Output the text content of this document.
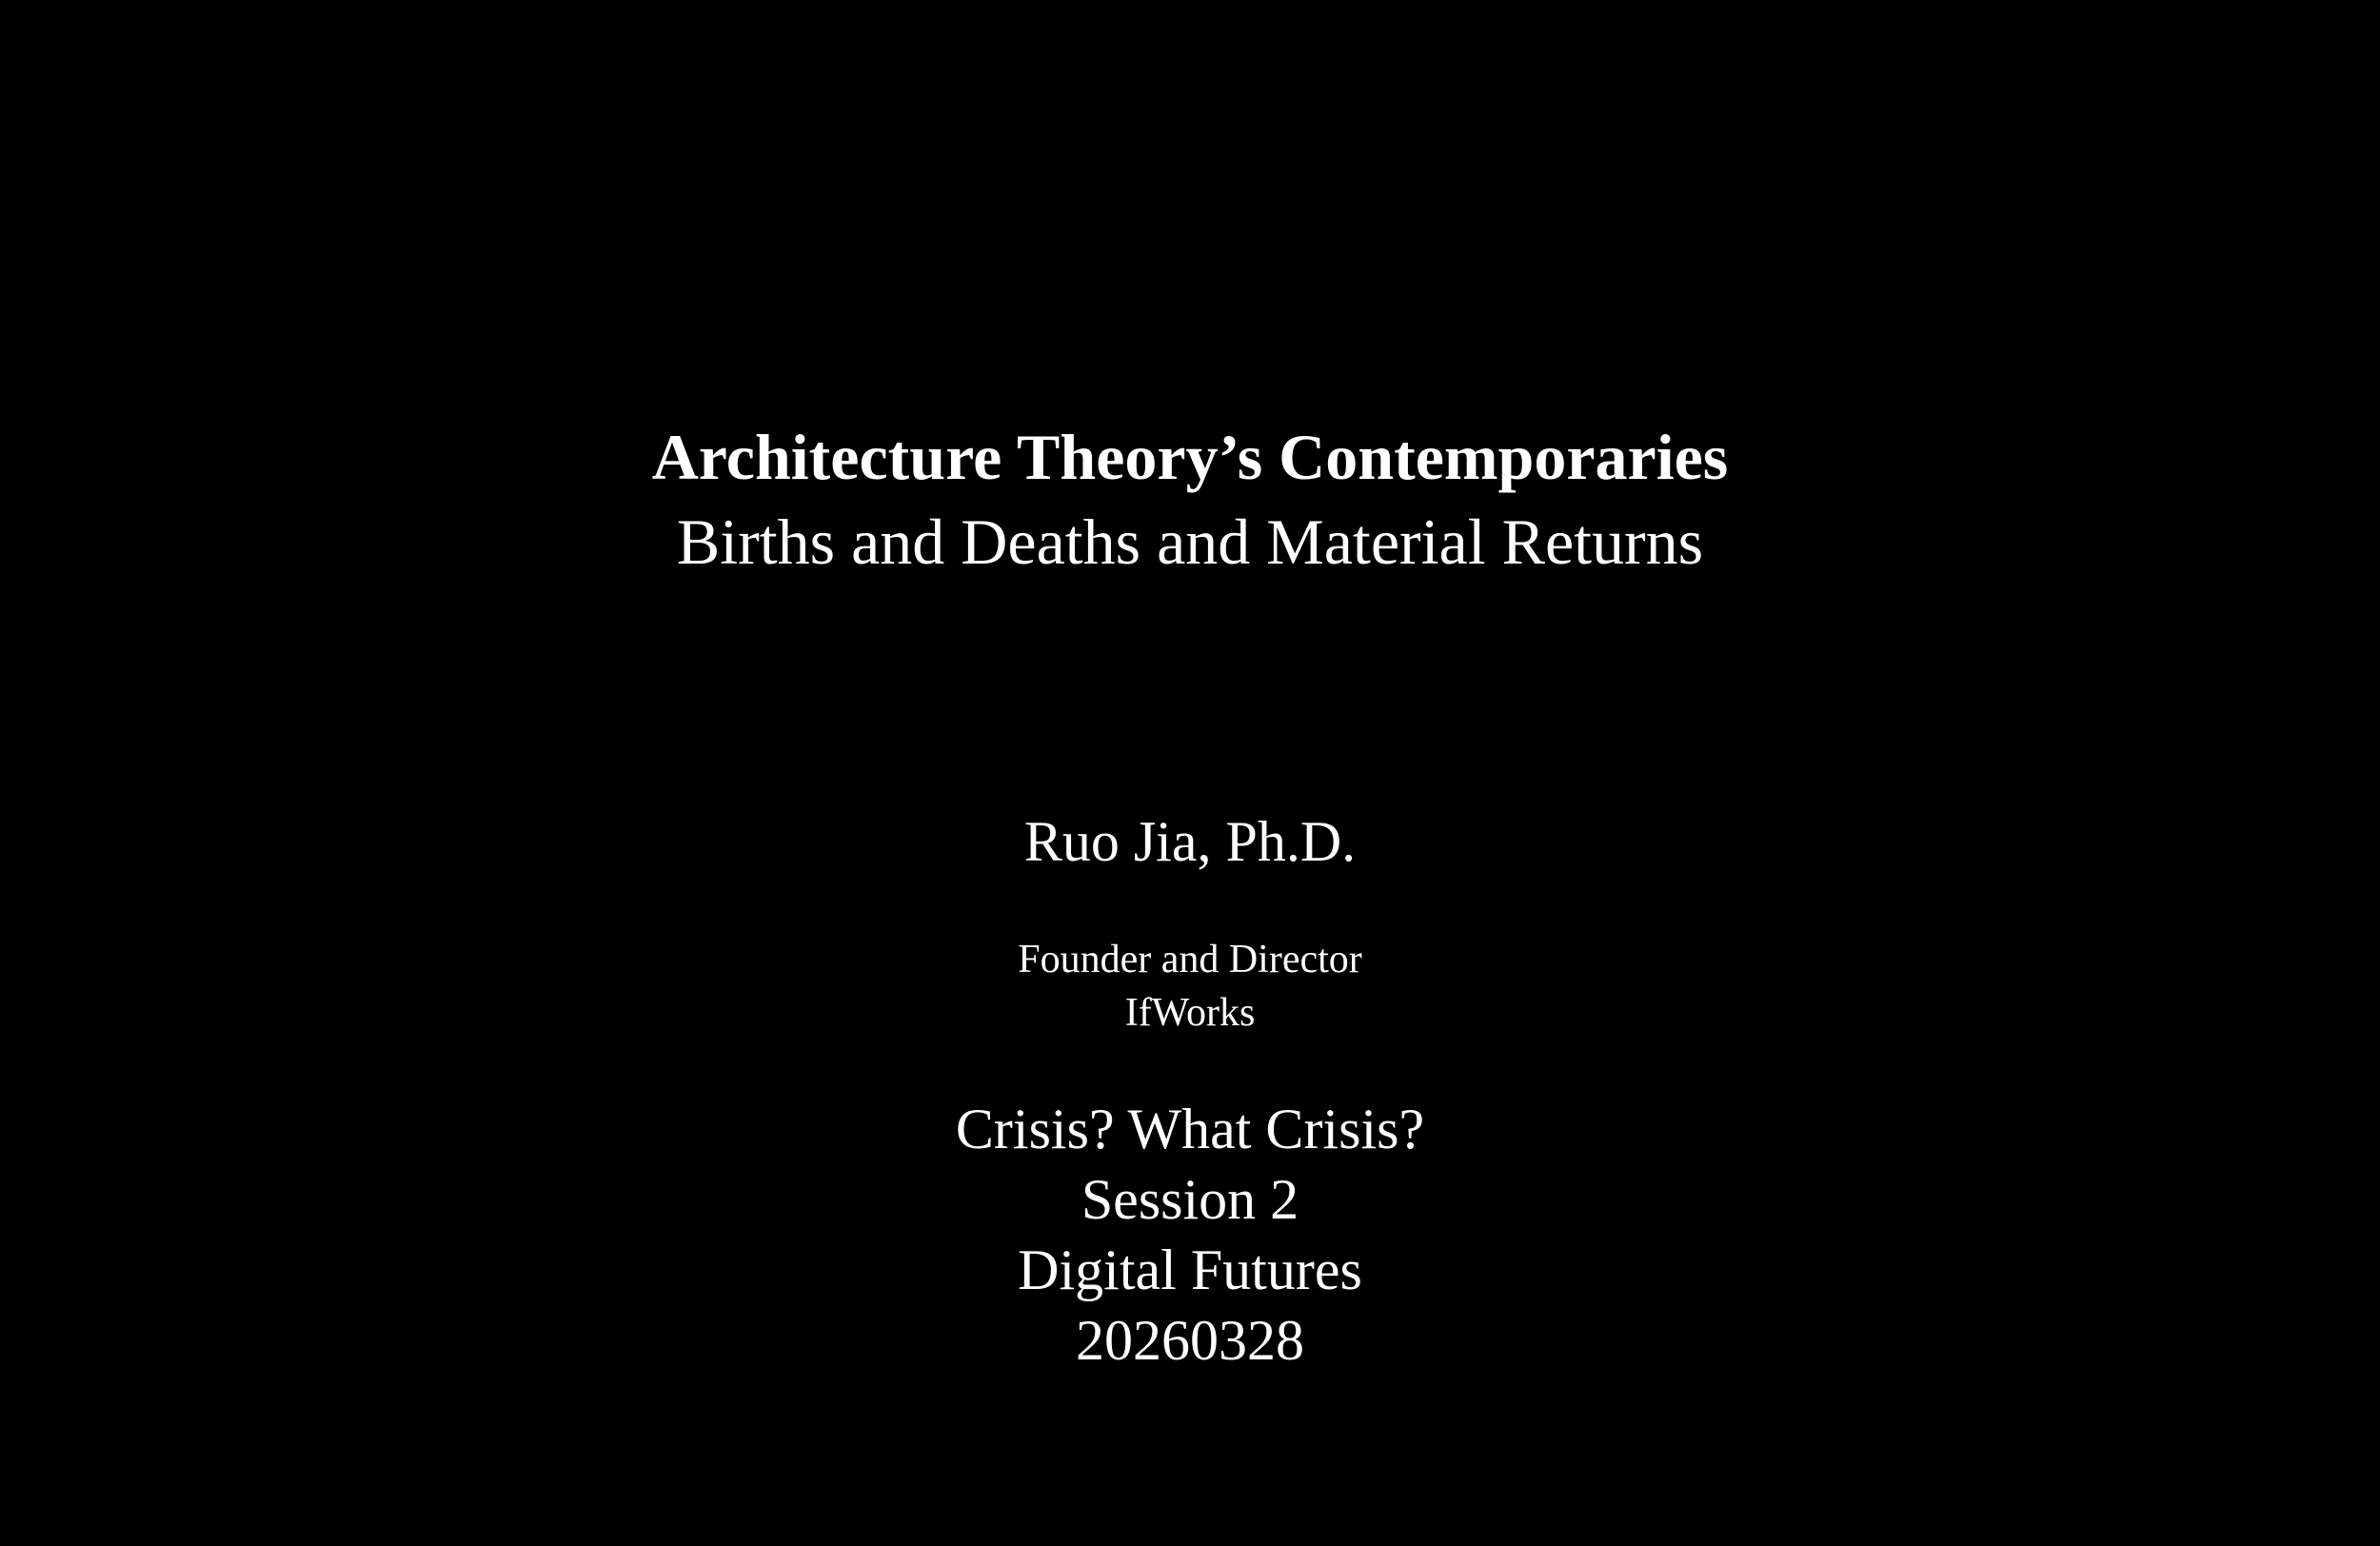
Architecture Theory’s Contemporaries
Births and Deaths and Material Returns
Ruo Jia, Ph.D.
Founder and Director
IfWorks
Crisis? What Crisis?
Session 2
Digital Futures
20260328
